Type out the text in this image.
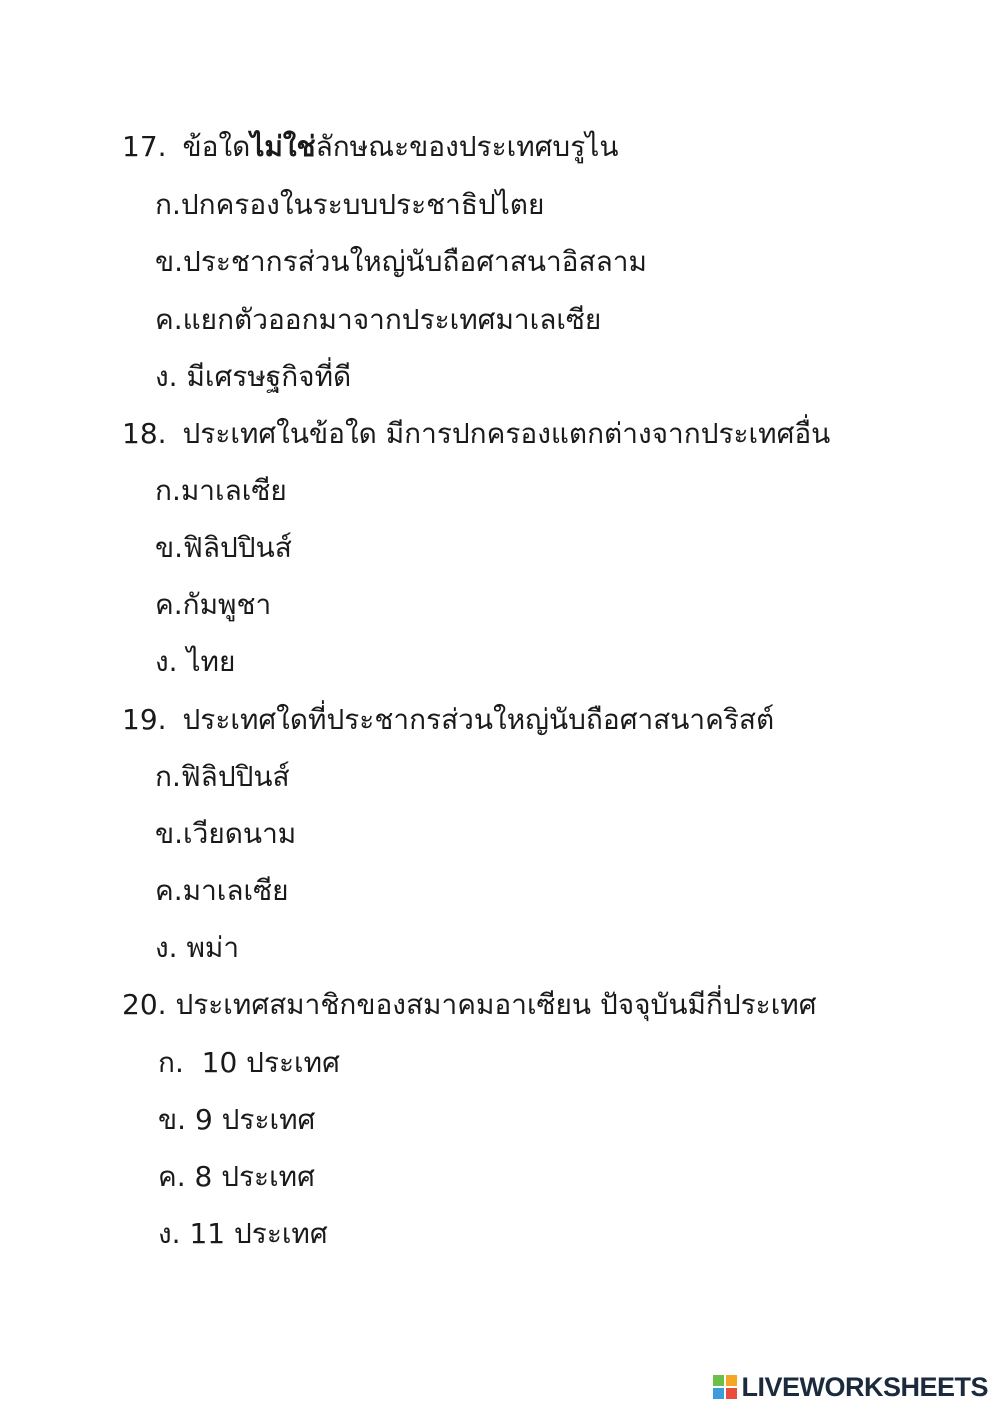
17. ข้อใดไม่ใช่ลักษณะของประเทศบรูไน
ก.ปกครองในระบบประชาธิปไตย
ข.ประชากรส่วนใหญ่นับถือศาสนาอิสลาม
ค.แยกตัวออกมาจากประเทศมาเลเซีย
ง. มีเศรษฐกิจที่ดี
18. ประเทศในข้อใด มีการปกครองแตกต่างจากประเทศอื่น
ก.มาเลเซีย
ข.ฟิลิปปินส์
ค.กัมพูชา
ง. ไทย
19. ประเทศใดที่ประชากรส่วนใหญ่นับถือศาสนาคริสต์
ก.ฟิลิปปินส์
ข.เวียดนาม
ค.มาเลเซีย
ง. พม่า
20. ประเทศสมาชิกของสมาคมอาเซียน ปัจจุบันมีกี่ประเทศ
ก.  10 ประเทศ
ข. 9 ประเทศ
ค. 8 ประเทศ
ง. 11 ประเทศ
LIVEWORKSHEETS
